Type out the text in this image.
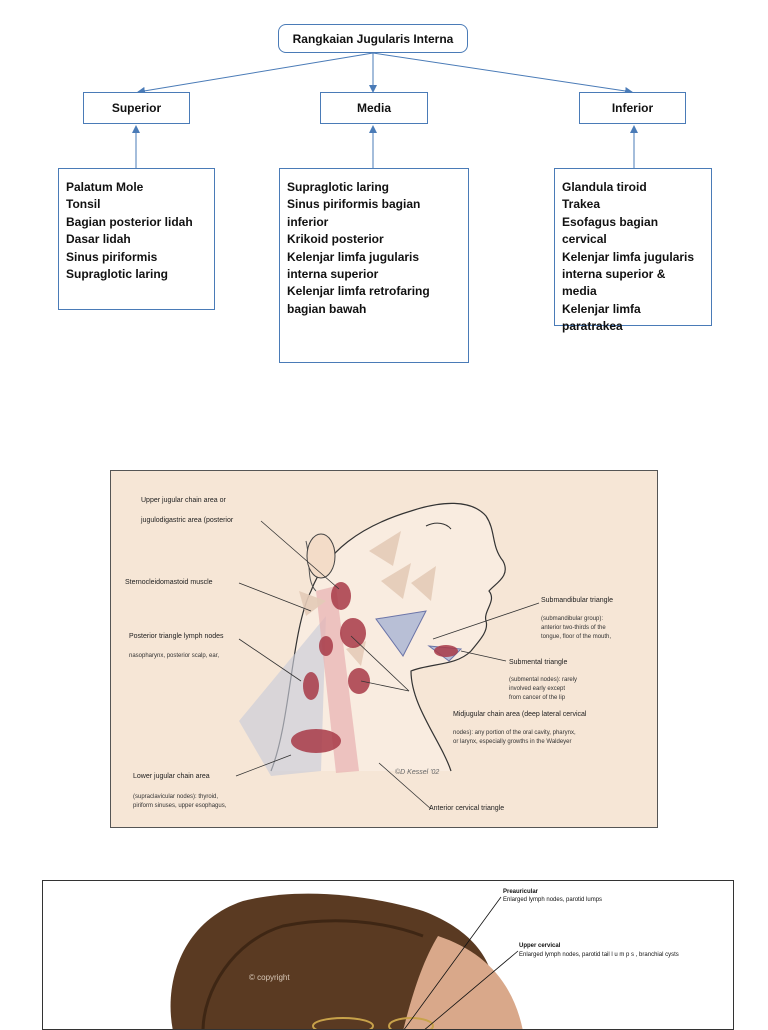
Rangkaian Jugularis Interna
Superior	Media	Inferior
Palatum Mole
Tonsil
Bagian posterior lidah
Dasar lidah
Sinus piriformis
Supraglotic laring
Supraglotic laring
Sinus piriformis bagian
inferior
Krikoid posterior
Kelenjar limfa jugularis
interna superior
Kelenjar limfa retrofaring
bagian bawah
Glandula tiroid
Trakea
Esofagus bagian cervical
Kelenjar limfa jugularis
interna superior &
media
Kelenjar limfa
paratrakea
Upper jugular chain area or
jugulodigastric area (posterior
Sternocleidomastoid muscle
Posterior triangle lymph nodes
nasopharynx, posterior scalp, ear,
Submandibular triangle
(submandibular group):
anterior two-thirds of the
tongue, floor of the mouth,
Submental triangle
(submental nodes): rarely
involved early except
from cancer of the lip
Midjugular chain area (deep lateral cervical
nodes): any portion of the oral cavity, pharynx,
or larynx, especially growths in the Waldeyer
Lower jugular chain area
(supraclavicular nodes): thyroid,
piriform sinuses, upper esophagus,	Anterior cervical triangle
©D Kessel '02
© copyright
Preauricular
Enlarged lymph nodes, parotid lumps
Upper cervical
Enlarged lymph nodes, parotid tail l u m p s , branchial cysts
